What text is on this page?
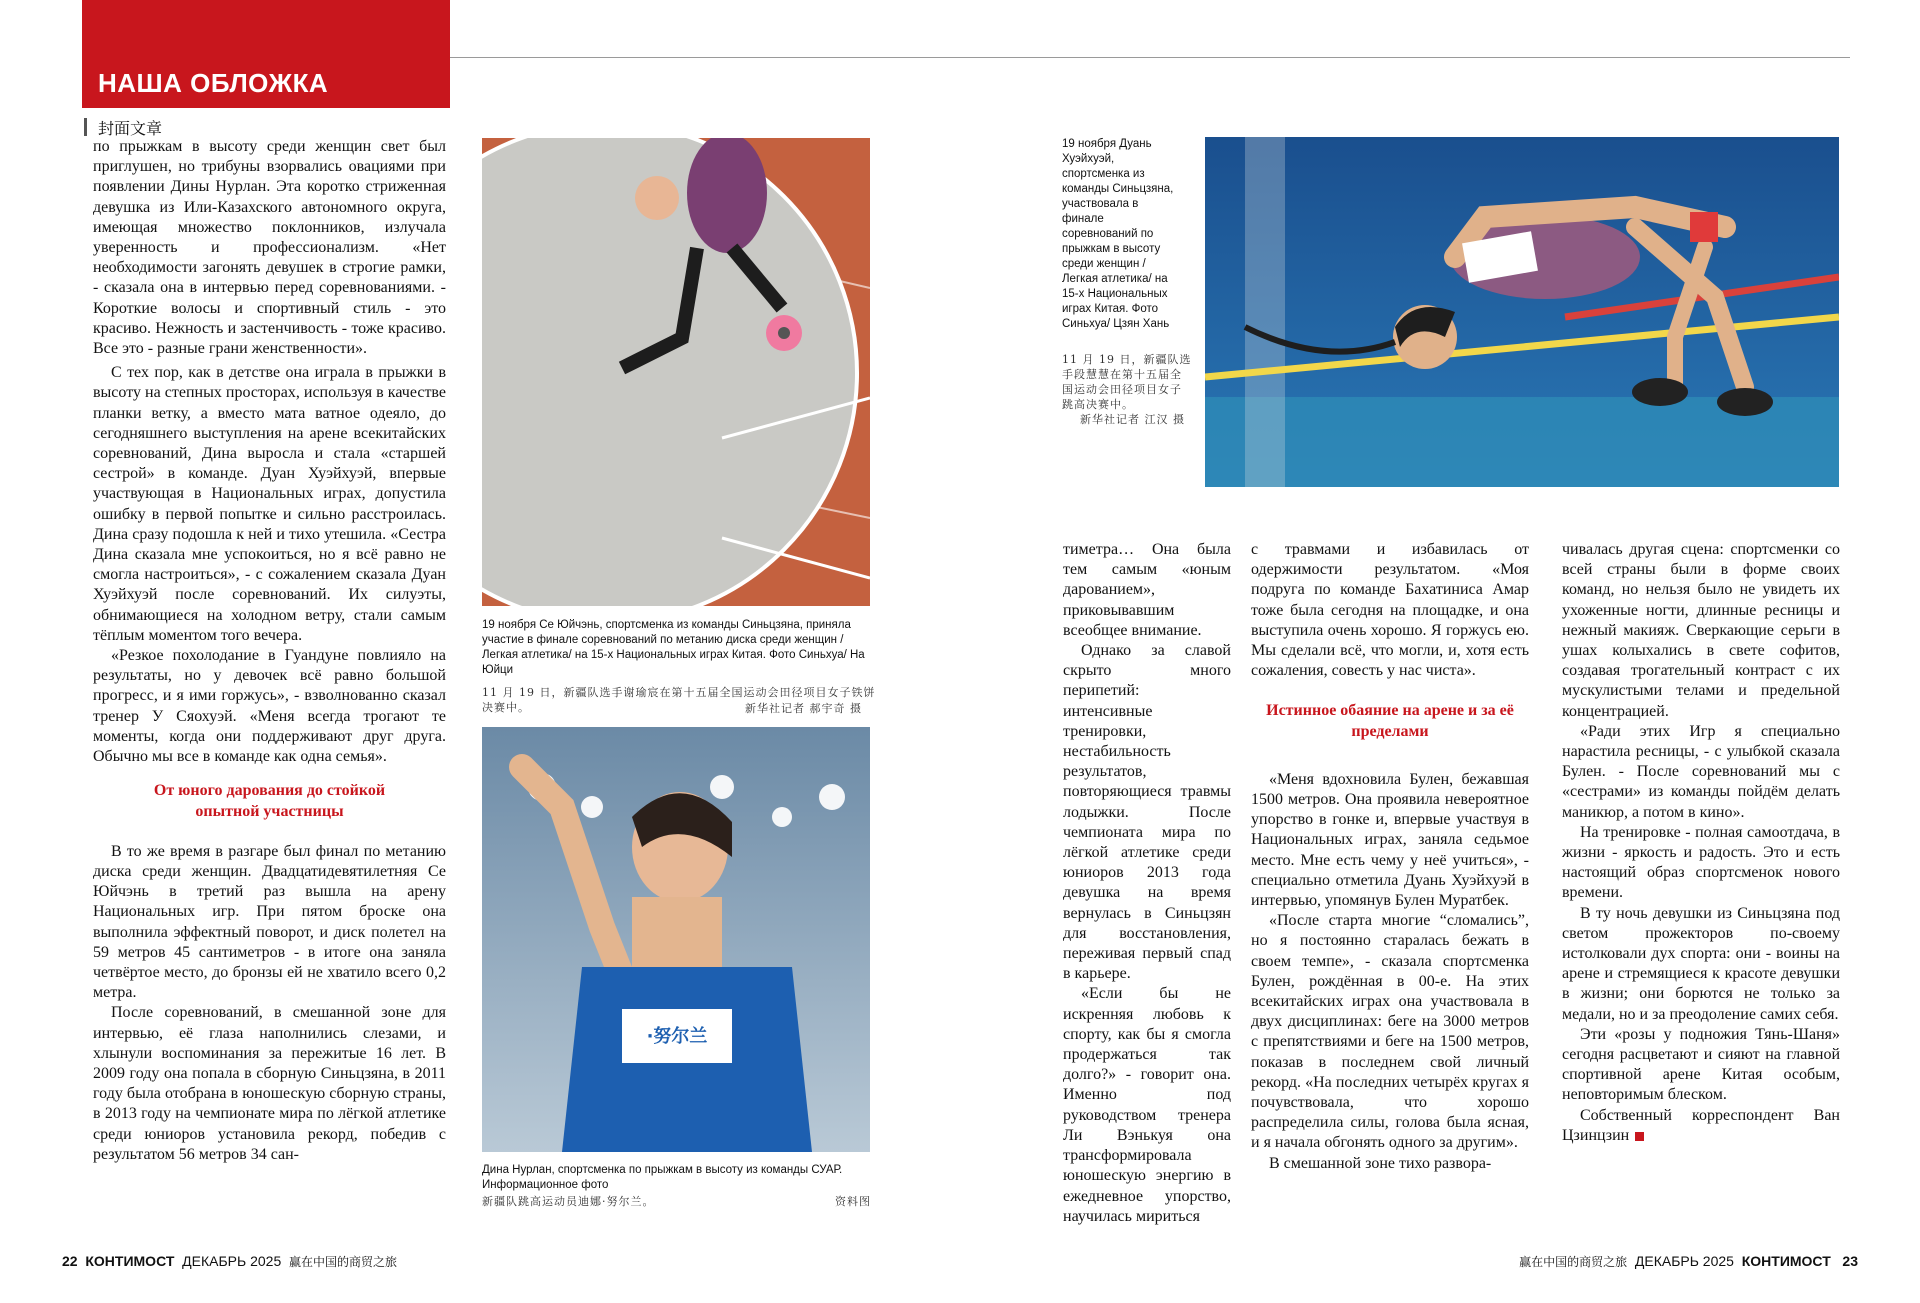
НАША ОБЛОЖКА
封面文章

по прыжкам в высоту среди женщин свет был приглушен, но трибуны взорвались овациями при появлении Дины Нурлан. Эта коротко стриженная девушка из Или-Казахского автономного округа, имеющая множество поклонников, излучала уверенность и профессионализм. «Нет необходимости загонять девушек в строгие рамки, - сказала она в интервью перед соревнованиями. - Короткие волосы и спортивный стиль - это красиво. Нежность и застенчивость - тоже красиво. Все это - разные грани женственности».

С тех пор, как в детстве она играла в прыжки в высоту на степных просторах, используя в качестве планки ветку, а вместо мата ватное одеяло, до сегодняшнего выступления на арене всекитайских соревнований, Дина выросла и стала «старшей сестрой» в команде. Дуан Хуэйхуэй, впервые участвующая в Национальных играх, допустила ошибку в первой попытке и сильно расстроилась. Дина сразу подошла к ней и тихо утешила. «Сестра Дина сказала мне успокоиться, но я всё равно не смогла настроиться», - с сожалением сказала Дуан Хуэйхуэй после соревнований. Их силуэты, обнимающиеся на холодном ветру, стали самым тёплым моментом того вечера.

«Резкое похолодание в Гуандуне повлияло на результаты, но у девочек всё равно большой прогресс, и я ими горжусь», - взволнованно сказал тренер У Сяохуэй. «Меня всегда трогают те моменты, когда они поддерживают друг друга. Обычно мы все в команде как одна семья».

От юного дарования до стойкой опытной участницы

В то же время в разгаре был финал по метанию диска среди женщин. Двадцатидевятилетняя Се Юйчэнь в третий раз вышла на арену Национальных игр. При пятом броске она выполнила эффектный поворот, и диск полетел на 59 метров 45 сантиметров - в итоге она заняла четвёртое место, до бронзы ей не хватило всего 0,2 метра.

После соревнований, в смешанной зоне для интервью, её глаза наполнились слезами, и хлынули воспоминания за пережитые 16 лет. В 2009 году она попала в сборную Синьцзяна, в 2011 году была отобрана в юношескую сборную страны, в 2013 году на чемпионате мира по лёгкой атлетике среди юниоров установила рекорд, победив с результатом 56 метров 34 сан-

19 ноября Се Юйчэнь, спортсменка из команды Синьцзяна, приняла участие в финале соревнований по метанию диска среди женщин /Легкая атлетика/ на 15-х Национальных играх Китая. Фото Синьхуа/ На Юйци
11 月 19 日，新疆队选手谢瑜宸在第十五届全国运动会田径项目女子铁饼决赛中。	新华社记者 郝宇奇 摄
·努尔兰
Дина Нурлан, спортсменка по прыжкам в высоту из команды СУАР. Информационное фото
新疆队跳高运动员迪娜·努尔兰。	资料图
19 ноября Дуань Хуэйхуэй, спортсменка из команды Синьцзяна, участвовала в финале соревнований по прыжкам в высоту среди женщин /Легкая атлетика/ на 15-х Национальных играх Китая. Фото Синьхуа/ Цзян Хань
11 月 19 日，新疆队选手段慧慧在第十五届全国运动会田径项目女子跳高决赛中。
新华社记者 江汉 摄

тиметра… Она была тем самым «юным дарованием», приковывавшим всеобщее внимание.

Однако за славой скрыто много перипетий: интенсивные тренировки, нестабильность результатов, повторяющиеся травмы лодыжки. После чемпионата мира по лёгкой атлетике среди юниоров 2013 года девушка на время вернулась в Синьцзян для восстановления, переживая первый спад в карьере.

«Если бы не искренняя любовь к спорту, как бы я смогла продержаться так долго?» - говорит она. Именно под руководством тренера Ли Вэнькуя она трансформировала юношескую энергию в ежедневное упорство, научилась мириться

с травмами и избавилась от одержимости результатом. «Моя подруга по команде Бахатиниса Амар тоже была сегодня на площадке, и она выступила очень хорошо. Я горжусь ею. Мы сделали всё, что могли, и, хотя есть сожаления, совесть у нас чиста».

Истинное обаяние на арене и за её пределами

«Меня вдохновила Булен, бежавшая 1500 метров. Она проявила невероятное упорство в гонке и, впервые участвуя в Национальных играх, заняла седьмое место. Мне есть чему у неё учиться», - специально отметила Дуань Хуэйхуэй в интервью, упомянув Булен Муратбек.

«После старта многие “сломались”, но я постоянно старалась бежать в своем темпе», - сказала спортсменка Булен, рождённая в 00-е. На этих всекитайских играх она участвовала в двух дисциплинах: беге на 3000 метров с препятствиями и беге на 1500 метров, показав в последнем свой личный рекорд. «На последних четырёх кругах я почувствовала, что хорошо распределила силы, голова была ясная, и я начала обгонять одного за другим».

В смешанной зоне тихо развора-

чивалась другая сцена: спортсменки со всей страны были в форме своих команд, но нельзя было не увидеть их ухоженные ногти, длинные ресницы и нежный макияж. Сверкающие серьги в ушах колыхались в свете софитов, создавая трогательный контраст с их мускулистыми телами и предельной концентрацией.

«Ради этих Игр я специально нарастила ресницы, - с улыбкой сказала Булен. - После соревнований мы с «сестрами» из команды пойдём делать маникюр, а потом в кино».

На тренировке - полная самоотдача, в жизни - яркость и радость. Это и есть настоящий образ спортсменок нового времени.

В ту ночь девушки из Синьцзяна под светом прожекторов по-своему истолковали дух спорта: они - воины на арене и стремящиеся к красоте девушки в жизни; они борются не только за медали, но и за преодоление самих себя.

Эти «розы у подножия Тянь-Шаня» сегодня расцветают и сияют на главной спортивной арене Китая особым, неповторимым блеском.

Собственный корреспондент Ван Цзинцзин

22 КОНТИМОСТ ДЕКАБРЬ 2025 赢在中国的商贸之旅	赢在中国的商贸之旅 ДЕКАБРЬ 2025 КОНТИМОСТ 23
